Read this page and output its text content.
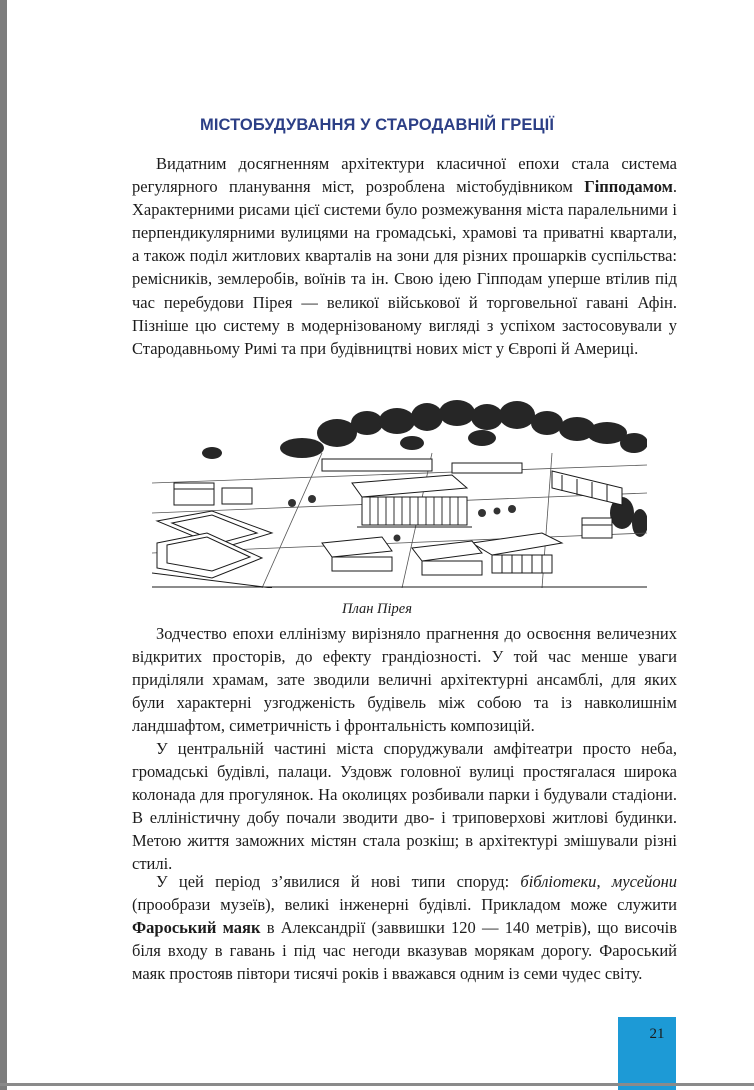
МІСТОБУДУВАННЯ У СТАРОДАВНІЙ ГРЕЦІЇ

Видатним досягненням архітектури класичної епохи стала система регулярного планування міст, розроблена містобудівником Гіпподамом. Характерними рисами цієї системи було розмежування міста паралельними і перпендикулярними вулицями на громадські, храмові та приватні квартали, а також поділ житлових кварталів на зони для різних прошарків суспільства: ремісників, землеробів, воїнів та ін. Свою ідею Гіпподам уперше втілив під час перебудови Пірея — великої військової й торговельної гавані Афін. Пізніше цю систему в модернізованому вигляді з успіхом застосовували у Стародавньому Римі та при будівництві нових міст у Європі й Америці.

План Пірея

Зодчество епохи еллінізму вирізняло прагнення до освоєння величезних відкритих просторів, до ефекту грандіозності. У той час менше уваги приділяли храмам, зате зводили величні архітектурні ансамблі, для яких були характерні узгодженість будівель між собою та із навколишнім ландшафтом, симетричність і фронтальність композицій.

У центральній частині міста споруджували амфітеатри просто неба, громадські будівлі, палаци. Уздовж головної вулиці простягалася широка колонада для прогулянок. На околицях розбивали парки і будували стадіони. В елліністичну добу почали зводити дво- і триповерхові житлові будинки. Метою життя заможних містян стала розкіш; в архітектурі змішували різні стилі.

У цей період з’явилися й нові типи споруд: бібліотеки, мусейони (прообрази музеїв), великі інженерні будівлі. Прикладом може служити Фароський маяк в Александрії (заввишки 120 — 140 метрів), що височів біля входу в гавань і під час негоди вказував морякам дорогу. Фароський маяк простояв півтори тисячі років і вважався одним із семи чудес світу.

21
